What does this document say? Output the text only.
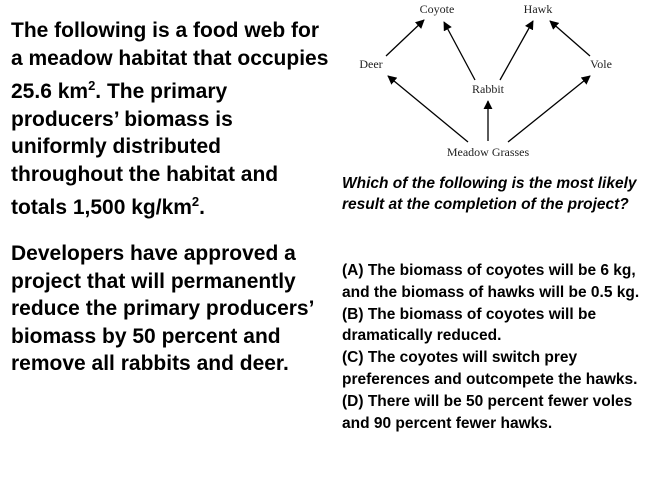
The following is a food web for a meadow habitat that occupies 25.6 $km^2$. The primary producers’ biomass is uniformly distributed throughout the habitat and totals 1,500 $kg/km^2$.

Developers have approved a project that will permanently reduce the primary producers’ biomass by 50 percent and remove all rabbits and deer.

Coyote	Hawk
Deer	Vole
Rabbit
Meadow Grasses

Which of the following is the most likely result at the completion of the project?

(A) The biomass of coyotes will be 6 kg, and the biomass of hawks will be 0.5 kg.
(B) The biomass of coyotes will be dramatically reduced.
(C) The coyotes will switch prey preferences and outcompete the hawks.
(D) There will be 50 percent fewer voles and 90 percent fewer hawks.
